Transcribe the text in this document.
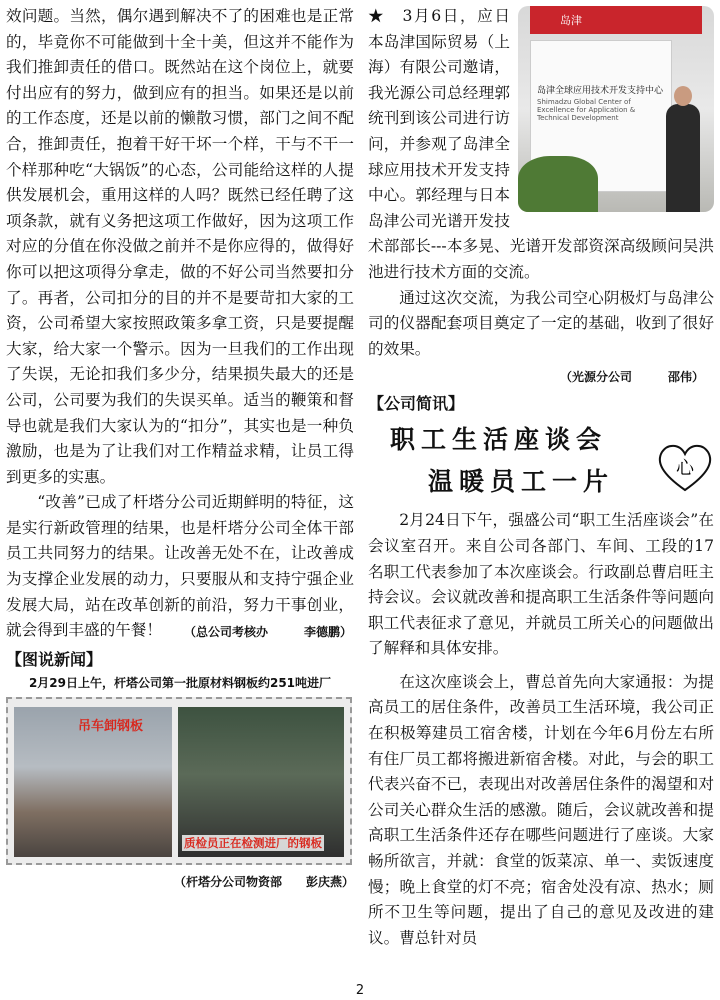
效问题。当然，偶尔遇到解决不了的困难也是正常的，毕竟你不可能做到十全十美，但这并不能作为我们推卸责任的借口。既然站在这个岗位上，就要付出应有的努力，做到应有的担当。如果还是以前的工作态度，还是以前的懒散习惯，部门之间不配合，推卸责任，抱着干好干坏一个样，干与不干一个样那种吃“大锅饭”的心态，公司能给这样的人提供发展机会，重用这样的人吗？既然已经任聘了这项条款，就有义务把这项工作做好，因为这项工作对应的分值在你没做之前并不是你应得的，做得好你可以把这项得分拿走，做的不好公司当然要扣分了。再者，公司扣分的目的并不是要苛扣大家的工资，公司希望大家按照政策多拿工资，只是要提醒大家，给大家一个警示。因为一旦我们的工作出现了失误，无论扣我们多少分，结果损失最大的还是公司，公司要为我们的失误买单。适当的鞭策和督导也就是我们大家认为的“扣分”，其实也是一种负激励，也是为了让我们对工作精益求精，让员工得到更多的实惠。

“改善”已成了杆塔分公司近期鲜明的特征，这是实行新政管理的结果，也是杆塔分公司全体干部员工共同努力的结果。让改善无处不在，让改善成为支撑企业发展的动力，只要服从和支持宁强企业发展大局，站在改革创新的前沿，努力干事创业，就会得到丰盛的午餐！	（总公司考核办　　　李德鹏）

【图说新闻】
2月29日上午，杆塔公司第一批原材料钢板约251吨进厂
吊车卸钢板
质检员正在检测进厂的钢板
（杆塔分公司物资部　　彭庆燕）
岛津
岛津全球应用技术开发支持中心
Shimadzu Global Center of Excellence for Application & Technical Development

★　3月6日，应日本岛津国际贸易（上海）有限公司邀请，我光源公司总经理郭统刊到该公司进行访问，并参观了岛津全球应用技术开发支持中心。郭经理与日本岛津公司光谱开发技术部部长---本多晃、光谱开发部资深高级顾问吴洪池进行技术方面的交流。

通过这次交流，为我公司空心阴极灯与岛津公司的仪器配套项目奠定了一定的基础，收到了很好的效果。

（光源分公司　　　邵伟）
【公司简讯】
职工生活座谈会
温暖员工一片

2月24日下午，强盛公司“职工生活座谈会”在会议室召开。来自公司各部门、车间、工段的17名职工代表参加了本次座谈会。行政副总曹启旺主持会议。会议就改善和提高职工生活条件等问题向职工代表征求了意见，并就员工所关心的问题做出了解释和具体安排。

在这次座谈会上，曹总首先向大家通报：为提高员工的居住条件，改善员工生活环境，我公司正在积极筹建员工宿舍楼，计划在今年6月份左右所有住厂员工都将搬进新宿舍楼。对此，与会的职工代表兴奋不已，表现出对改善居住条件的渴望和对公司关心群众生活的感激。随后，会议就改善和提高职工生活条件还存在哪些问题进行了座谈。大家畅所欲言，并就：食堂的饭菜凉、单一、卖饭速度慢；晚上食堂的灯不亮；宿舍处没有凉、热水；厕所不卫生等问题，提出了自己的意见及改进的建议。曹总针对员

心
2
